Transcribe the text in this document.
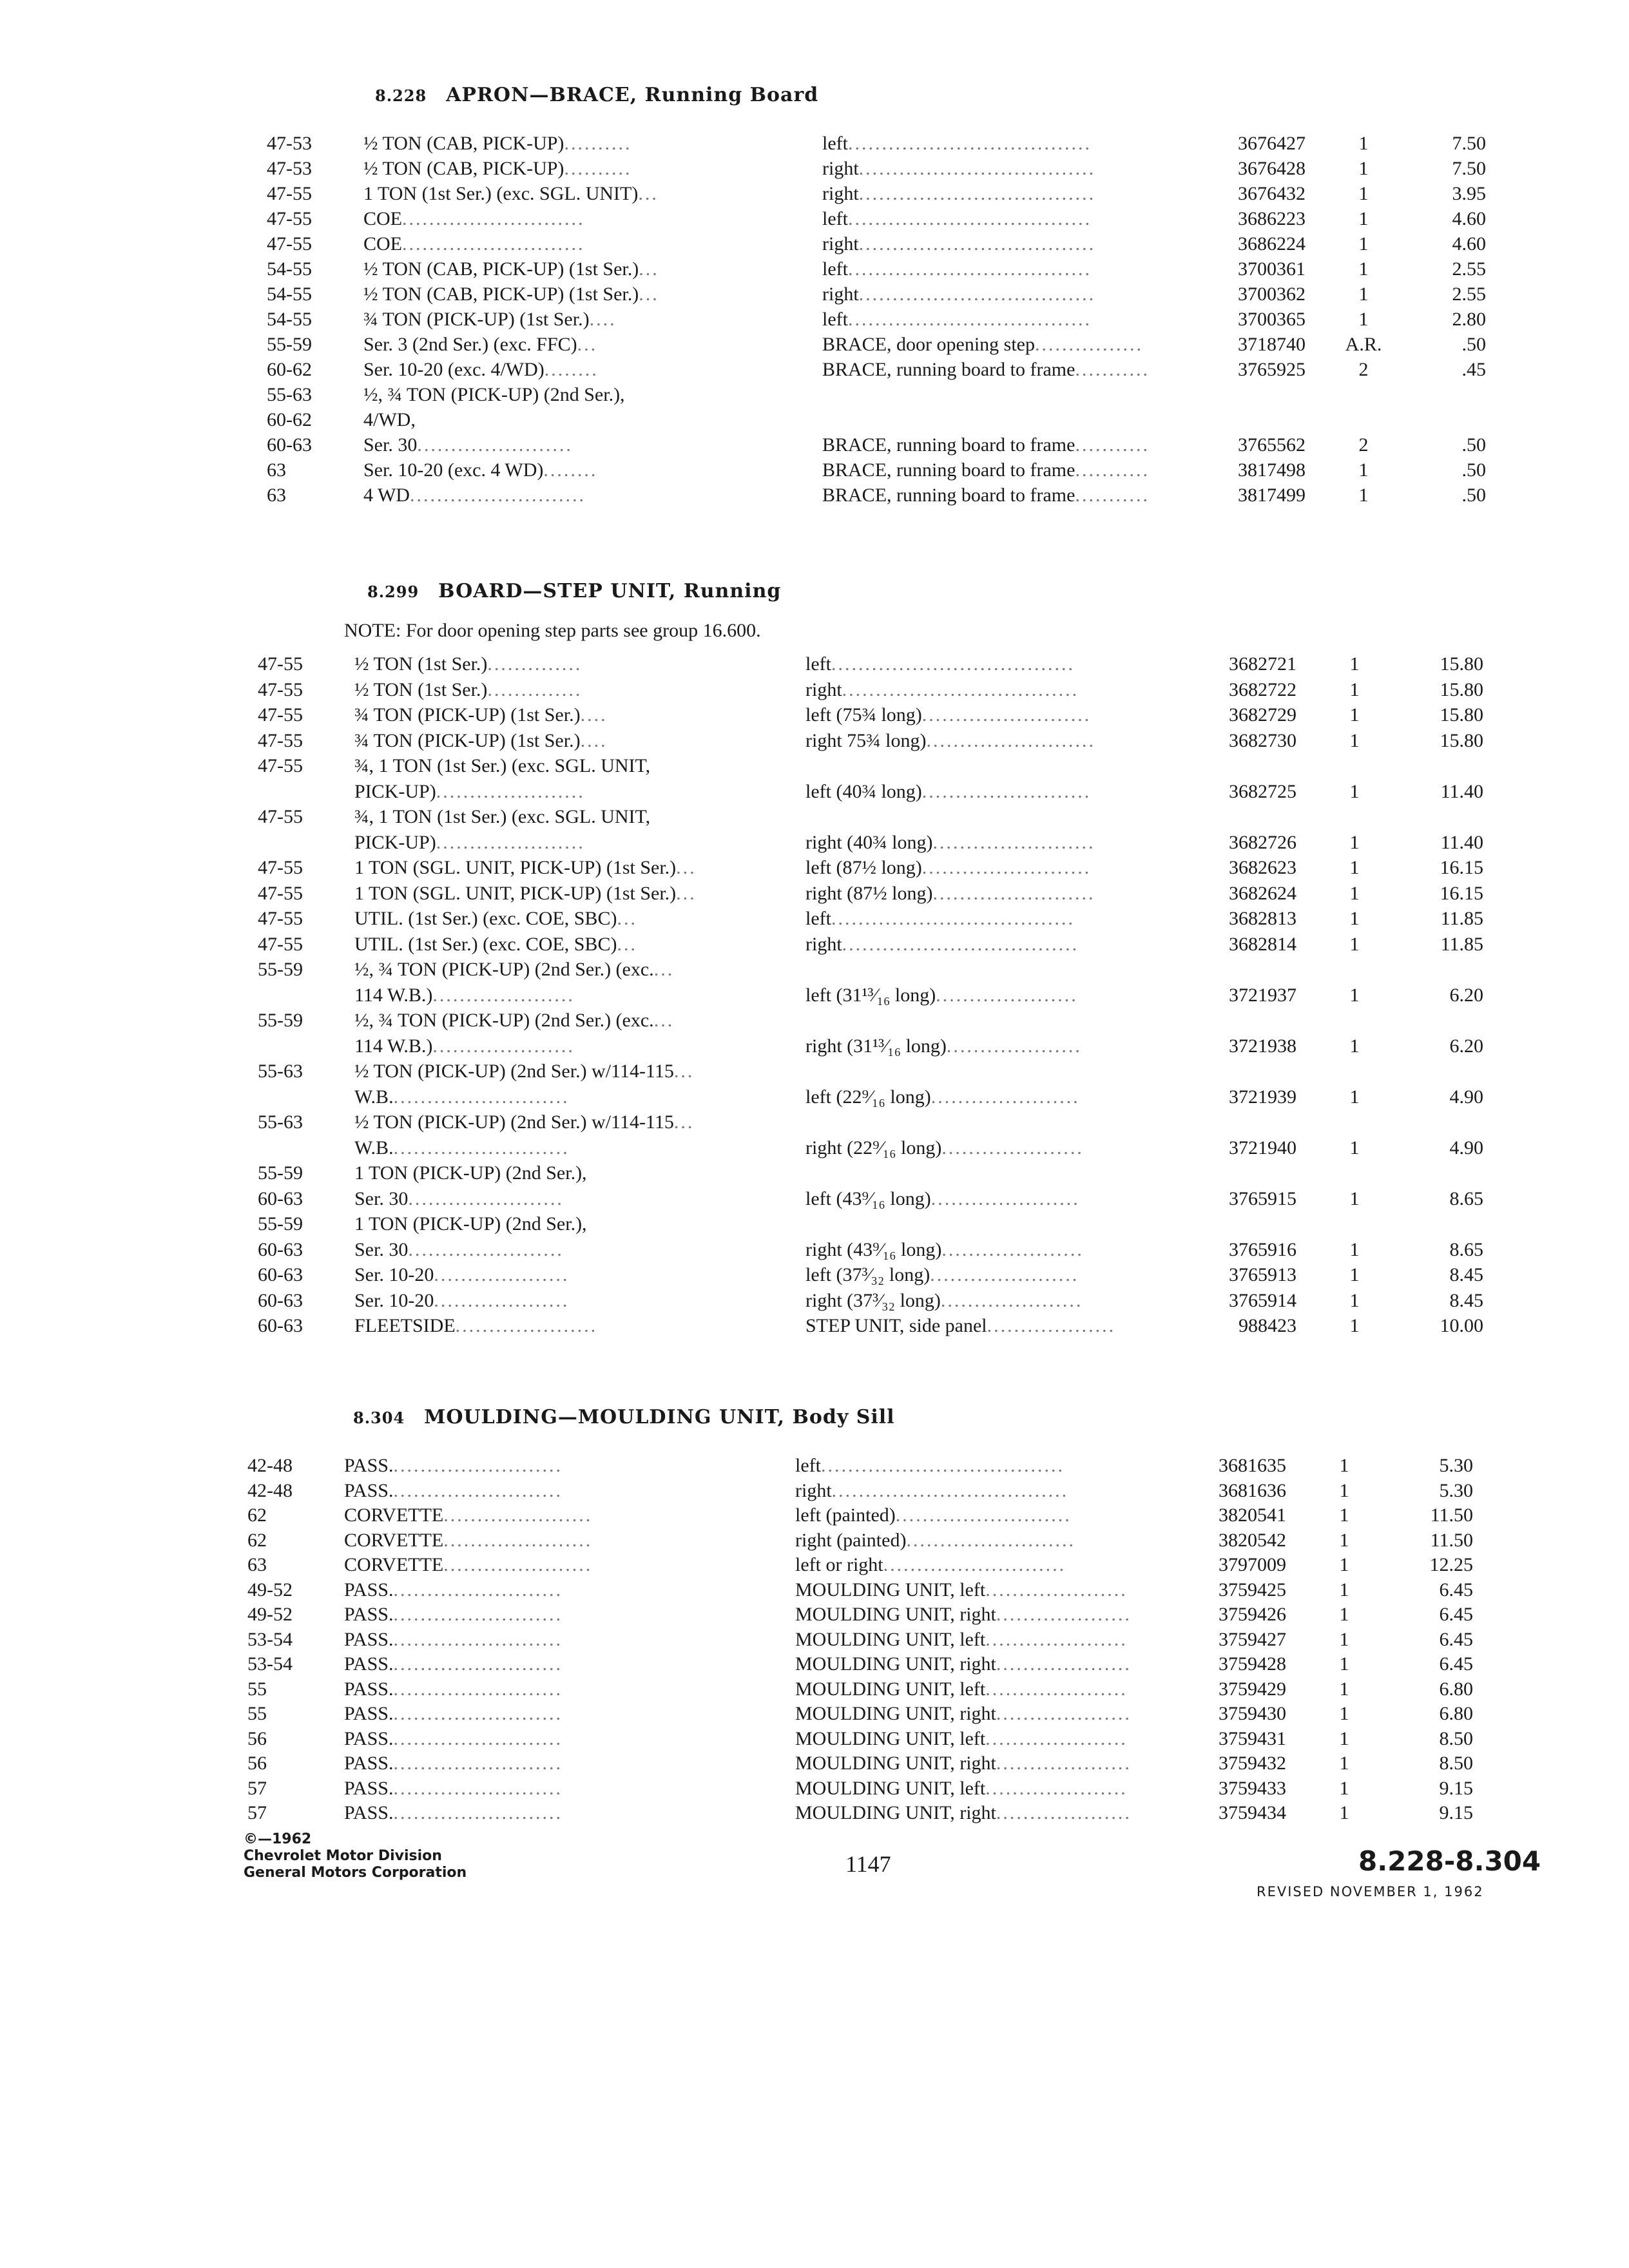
8.228 APRON—BRACE, Running Board
47-53	½ TON (CAB, PICK-UP)..........	left....................................	3676427	1	7.50
47-53	½ TON (CAB, PICK-UP)..........	right...................................	3676428	1	7.50
47-55	1 TON (1st Ser.) (exc. SGL. UNIT)...	right...................................	3676432	1	3.95
47-55	COE...........................	left....................................	3686223	1	4.60
47-55	COE...........................	right...................................	3686224	1	4.60
54-55	½ TON (CAB, PICK-UP) (1st Ser.)...	left....................................	3700361	1	2.55
54-55	½ TON (CAB, PICK-UP) (1st Ser.)...	right...................................	3700362	1	2.55
54-55	¾ TON (PICK-UP) (1st Ser.)....	left....................................	3700365	1	2.80
55-59	Ser. 3 (2nd Ser.) (exc. FFC)...	BRACE, door opening step................	3718740	A.R.	.50
60-62	Ser. 10-20 (exc. 4/WD)........	BRACE, running board to frame...........	3765925	2	.45
55-63	½, ¾ TON (PICK-UP) (2nd Ser.),
60-62	4/WD,
60-63	Ser. 30.......................	BRACE, running board to frame...........	3765562	2	.50
63	Ser. 10-20 (exc. 4 WD)........	BRACE, running board to frame...........	3817498	1	.50
63	4 WD..........................	BRACE, running board to frame...........	3817499	1	.50
8.299 BOARD—STEP UNIT, Running
NOTE: For door opening step parts see group 16.600.
47-55	½ TON (1st Ser.)..............	left....................................	3682721	1	15.80
47-55	½ TON (1st Ser.)..............	right...................................	3682722	1	15.80
47-55	¾ TON (PICK-UP) (1st Ser.)....	left (75¾ long).........................	3682729	1	15.80
47-55	¾ TON (PICK-UP) (1st Ser.)....	right 75¾ long).........................	3682730	1	15.80
47-55	¾, 1 TON (1st Ser.) (exc. SGL. UNIT,
PICK-UP)......................	left (40¾ long).........................	3682725	1	11.40
47-55	¾, 1 TON (1st Ser.) (exc. SGL. UNIT,
PICK-UP)......................	right (40¾ long)........................	3682726	1	11.40
47-55	1 TON (SGL. UNIT, PICK-UP) (1st Ser.)...	left (87½ long).........................	3682623	1	16.15
47-55	1 TON (SGL. UNIT, PICK-UP) (1st Ser.)...	right (87½ long)........................	3682624	1	16.15
47-55	UTIL. (1st Ser.) (exc. COE, SBC)...	left....................................	3682813	1	11.85
47-55	UTIL. (1st Ser.) (exc. COE, SBC)...	right...................................	3682814	1	11.85
55-59	½, ¾ TON (PICK-UP) (2nd Ser.) (exc....
114 W.B.).....................	left (31¹³⁄₁₆ long).....................	3721937	1	6.20
55-59	½, ¾ TON (PICK-UP) (2nd Ser.) (exc....
114 W.B.).....................	right (31¹³⁄₁₆ long)....................	3721938	1	6.20
55-63	½ TON (PICK-UP) (2nd Ser.) w/114-115...
W.B...........................	left (22⁹⁄₁₆ long)......................	3721939	1	4.90
55-63	½ TON (PICK-UP) (2nd Ser.) w/114-115...
W.B...........................	right (22⁹⁄₁₆ long).....................	3721940	1	4.90
55-59	1 TON (PICK-UP) (2nd Ser.),
60-63	Ser. 30.......................	left (43⁹⁄₁₆ long)......................	3765915	1	8.65
55-59	1 TON (PICK-UP) (2nd Ser.),
60-63	Ser. 30.......................	right (43⁹⁄₁₆ long).....................	3765916	1	8.65
60-63	Ser. 10-20....................	left (37³⁄₃₂ long)......................	3765913	1	8.45
60-63	Ser. 10-20....................	right (37³⁄₃₂ long).....................	3765914	1	8.45
60-63	FLEETSIDE.....................	STEP UNIT, side panel...................	988423	1	10.00
8.304 MOULDING—MOULDING UNIT, Body Sill
42-48	PASS..........................	left....................................	3681635	1	5.30
42-48	PASS..........................	right...................................	3681636	1	5.30
62	CORVETTE......................	left (painted)..........................	3820541	1	11.50
62	CORVETTE......................	right (painted).........................	3820542	1	11.50
63	CORVETTE......................	left or right...........................	3797009	1	12.25
49-52	PASS..........................	MOULDING UNIT, left.....................	3759425	1	6.45
49-52	PASS..........................	MOULDING UNIT, right....................	3759426	1	6.45
53-54	PASS..........................	MOULDING UNIT, left.....................	3759427	1	6.45
53-54	PASS..........................	MOULDING UNIT, right....................	3759428	1	6.45
55	PASS..........................	MOULDING UNIT, left.....................	3759429	1	6.80
55	PASS..........................	MOULDING UNIT, right....................	3759430	1	6.80
56	PASS..........................	MOULDING UNIT, left.....................	3759431	1	8.50
56	PASS..........................	MOULDING UNIT, right....................	3759432	1	8.50
57	PASS..........................	MOULDING UNIT, left.....................	3759433	1	9.15
57	PASS..........................	MOULDING UNIT, right....................	3759434	1	9.15
©—1962
Chevrolet Motor Division
General Motors Corporation	1147	8.228-8.304
REVISED NOVEMBER 1, 1962
